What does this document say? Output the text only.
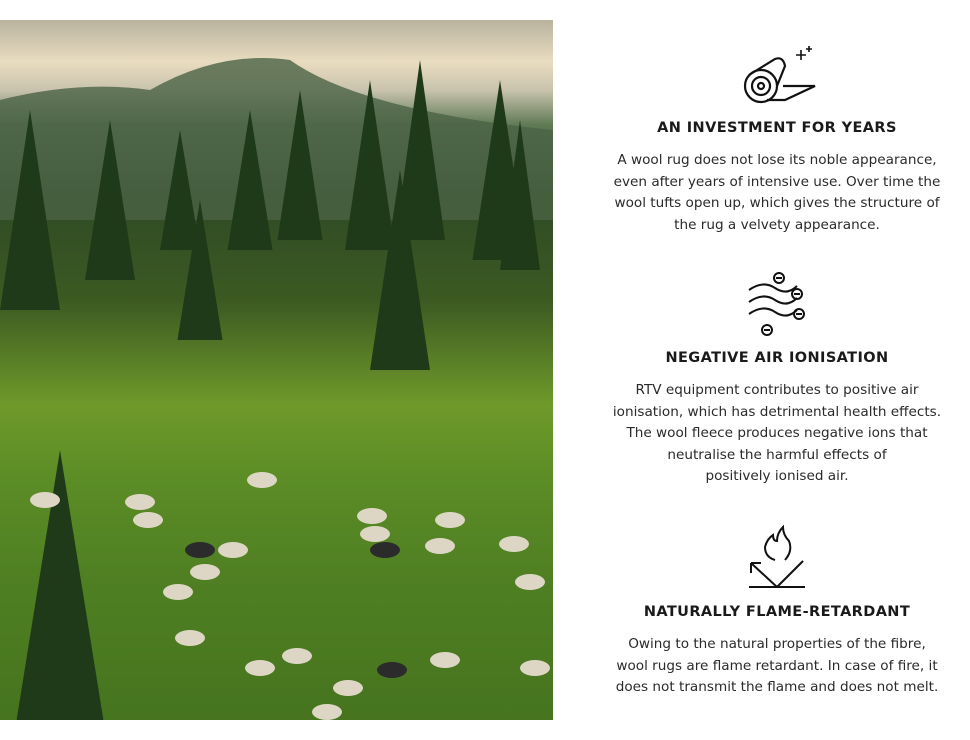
AN INVESTMENT FOR YEARS
A wool rug does not lose its noble appearance,
even after years of intensive use. Over time the
wool tufts open up, which gives the structure of
the rug a velvety appearance.
NEGATIVE AIR IONISATION
RTV equipment contributes to positive air
ionisation, which has detrimental health effects.
The wool fleece produces negative ions that
neutralise the harmful effects of
positively ionised air.
NATURALLY FLAME-RETARDANT
Owing to the natural properties of the fibre,
wool rugs are flame retardant. In case of fire, it
does not transmit the flame and does not melt.
